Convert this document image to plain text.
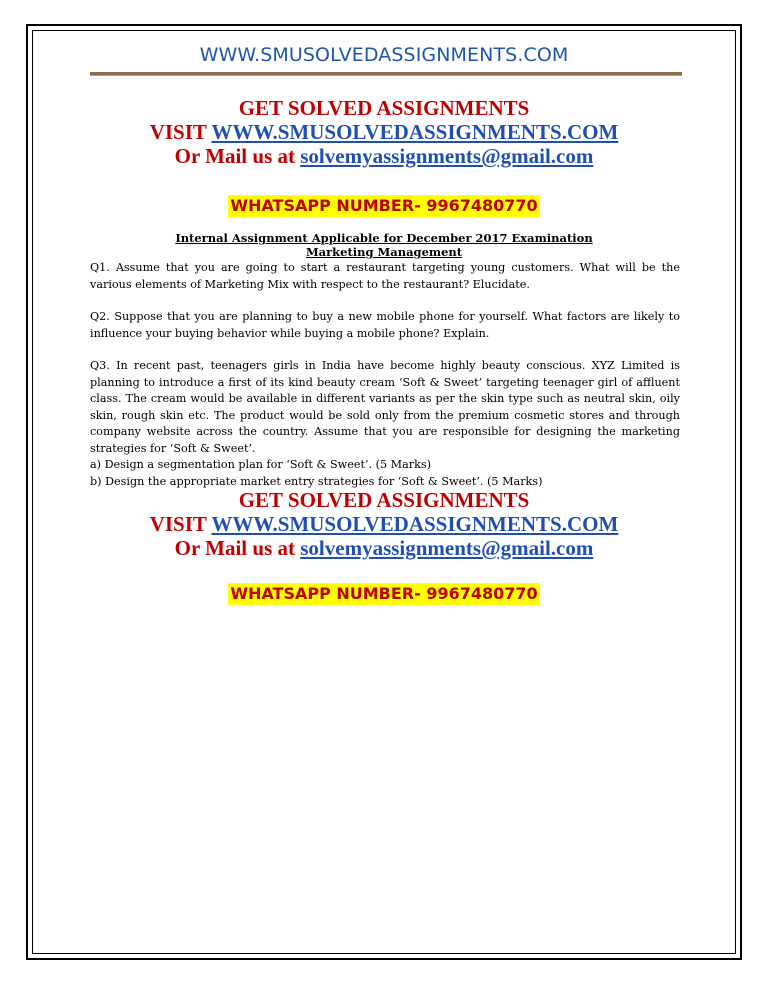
WWW.SMUSOLVEDASSIGNMENTS.COM
GET SOLVED ASSIGNMENTS
VISIT WWW.SMUSOLVEDASSIGNMENTS.COM
Or Mail us at solvemyassignments@gmail.com
WHATSAPP NUMBER- 9967480770
Internal Assignment Applicable for December 2017 Examination
Marketing Management

Q1. Assume that you are going to start a restaurant targeting young customers. What will be the various elements of Marketing Mix with respect to the restaurant? Elucidate.

Q2. Suppose that you are planning to buy a new mobile phone for yourself. What factors are likely to influence your buying behavior while buying a mobile phone? Explain.

Q3. In recent past, teenagers girls in India have become highly beauty conscious. XYZ Limited is planning to introduce a first of its kind beauty cream ‘Soft & Sweet’ targeting teenager girl of affluent class. The cream would be available in different variants as per the skin type such as neutral skin, oily skin, rough skin etc. The product would be sold only from the premium cosmetic stores and through company website across the country. Assume that you are responsible for designing the marketing strategies for ‘Soft & Sweet’.

a) Design a segmentation plan for ‘Soft & Sweet’. (5 Marks)

b) Design the appropriate market entry strategies for ‘Soft & Sweet’. (5 Marks)

GET SOLVED ASSIGNMENTS
VISIT WWW.SMUSOLVEDASSIGNMENTS.COM
Or Mail us at solvemyassignments@gmail.com
WHATSAPP NUMBER- 9967480770
